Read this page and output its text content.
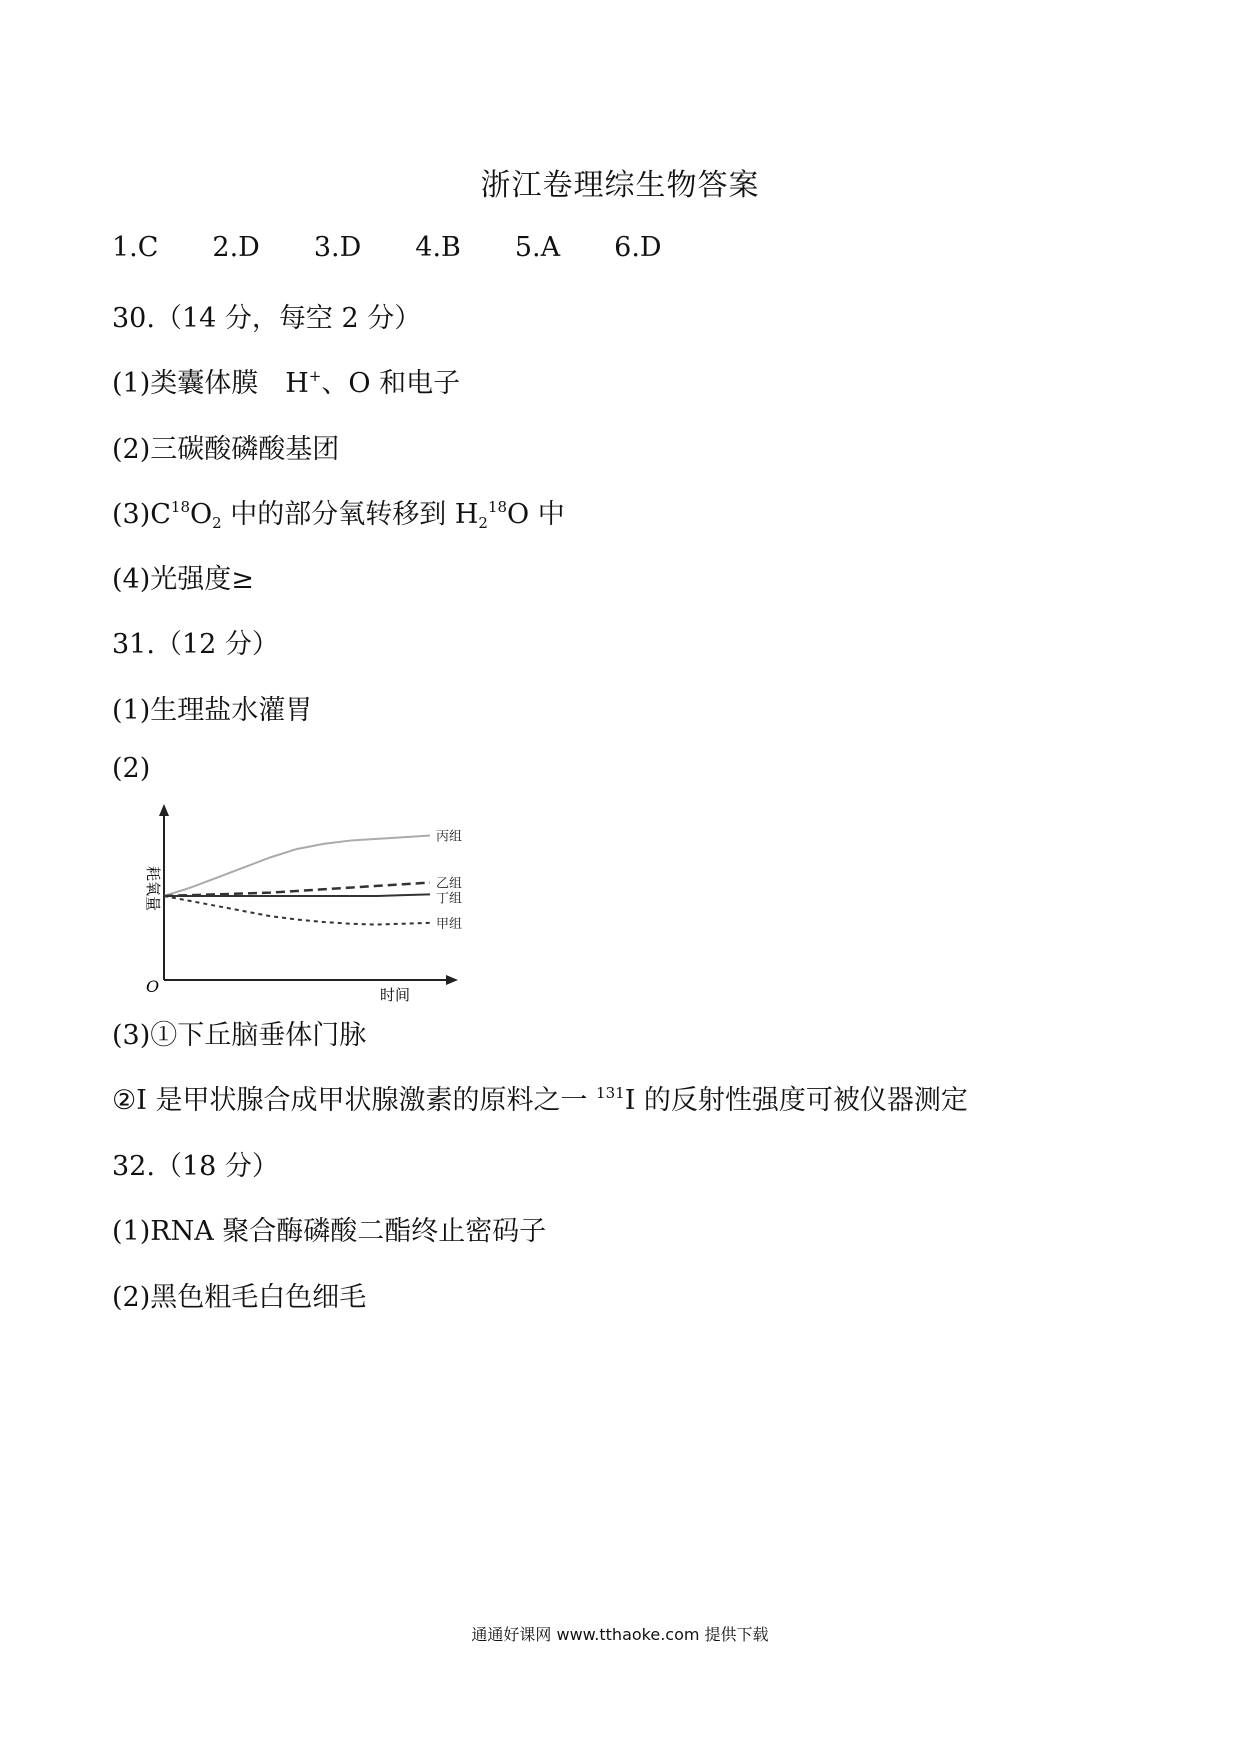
浙江卷理综生物答案
1.C 2.D 3.D 4.B 5.A 6.D
30.（14 分，每空 2 分）
(1)类囊体膜　H+、O 和电子
(2)三碳酸磷酸基团
$(3)C^{18}O_2$ 中的部分氧转移到 $H_2^{18}O$ 中
(4)光强度≥
31.（12 分）
(1)生理盐水灌胃
(2)
O	时间
耗氧量
丙组
乙组
丁组
甲组
(3)①下丘脑垂体门脉
②I 是甲状腺合成甲状腺激素的原料之一 $^{131}$I 的反射性强度可被仪器测定
32.（18 分）
(1)RNA 聚合酶磷酸二酯终止密码子
(2)黑色粗毛白色细毛
通通好课网 www.tthaoke.com 提供下载
